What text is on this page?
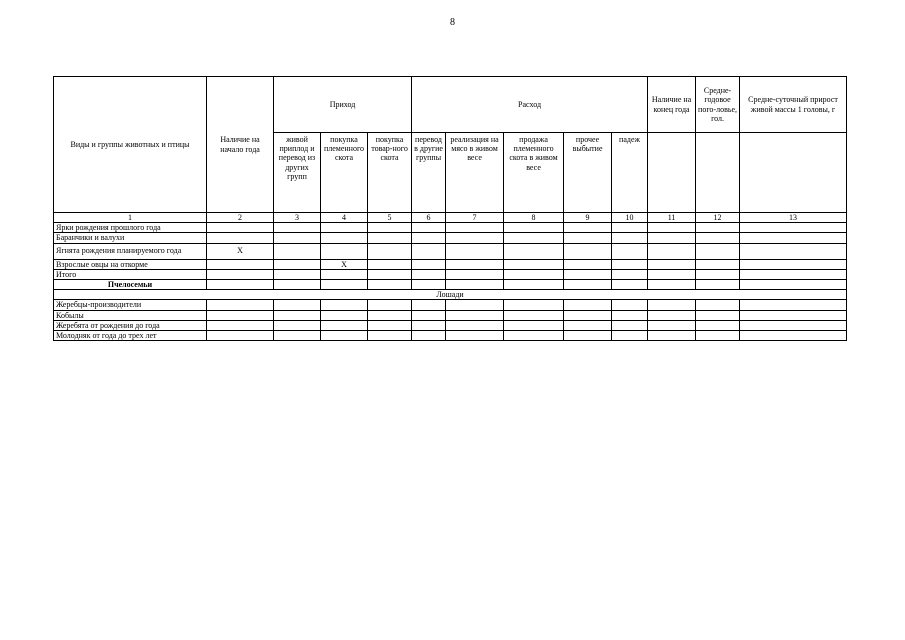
8
Виды и группы животных и птицы	Наличие на начало года	Приход			Расход					Наличие на конец года	Средне-годовое пого-ловье, гол.	Средне-суточный прирост живой массы 1 головы, г
		живой приплод и перевод из других групп	покупка племенного скота	покупка товар-ного скота	перевод в другие группы	реализация на мясо в живом весе	продажа племенного скота в живом весе	прочее выбытие	падеж			
1	2	3	4	5	6	7	8	9	10	11	12	13
Ярки рождения прошлого года												
Баранчики и валухи												
Ягнята рождения планируемого года	X											
Взрослые овцы на откорме			X									
Итого												
Пчелосемьи												
Лошади												
Жеребцы-производители												
Кобылы												
Жеребята от рождения до года												
Молодняк от года до трех лет												
